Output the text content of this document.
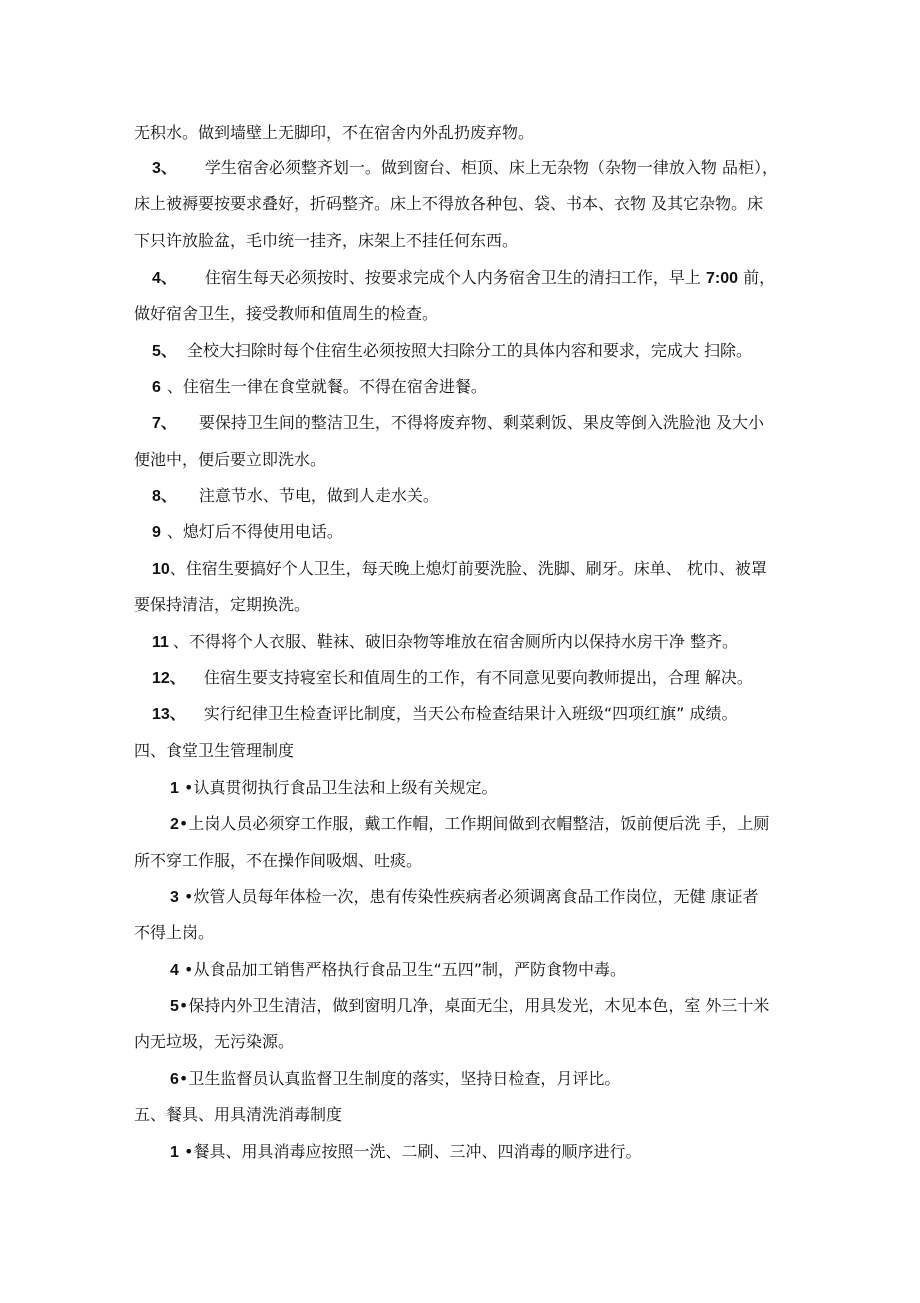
无积水。做到墙壁上无脚印，不在宿舍内外乱扔废弃物。
3、 学生宿舍必须整齐划一。做到窗台、柜顶、床上无杂物（杂物一律放入物 品柜），
床上被褥要按要求叠好，折码整齐。床上不得放各种包、袋、书本、衣物 及其它杂物。床
下只许放脸盆，毛巾统一挂齐，床架上不挂任何东西。
4、 住宿生每天必须按时、按要求完成个人内务宿舍卫生的清扫工作，早上 7:00 前，
做好宿舍卫生，接受教师和值周生的检查。
5、 全校大扫除时每个住宿生必须按照大扫除分工的具体内容和要求，完成大 扫除。
6 、住宿生一律在食堂就餐。不得在宿舍进餐。
7、 要保持卫生间的整洁卫生，不得将废弃物、剩菜剩饭、果皮等倒入洗脸池 及大小
便池中，便后要立即洗水。
8、 注意节水、节电，做到人走水关。
9 、熄灯后不得使用电话。
10、住宿生要搞好个人卫生，每天晚上熄灯前要洗脸、洗脚、刷牙。床单、 枕巾、被罩
要保持清洁，定期换洗。
11 、不得将个人衣服、鞋袜、破旧杂物等堆放在宿舍厕所内以保持水房干净 整齐。
12、 住宿生要支持寝室长和值周生的工作，有不同意见要向教师提出，合理 解决。
13、 实行纪律卫生检查评比制度，当天公布检查结果计入班级“四项红旗” 成绩。
四、食堂卫生管理制度
1 •认真贯彻执行食品卫生法和上级有关规定。
2•上岗人员必须穿工作服，戴工作帽，工作期间做到衣帽整洁，饭前便后洗 手，上厕
所不穿工作服，不在操作间吸烟、吐痰。
3 •炊管人员每年体检一次，患有传染性疾病者必须调离食品工作岗位，无健 康证者
不得上岗。
4 •从食品加工销售严格执行食品卫生“五四”制，严防食物中毒。
5•保持内外卫生清洁，做到窗明几净，桌面无尘，用具发光，木见本色，室 外三十米
内无垃圾，无污染源。
6•卫生监督员认真监督卫生制度的落实，坚持日检查，月评比。
五、餐具、用具清洗消毒制度
1 •餐具、用具消毒应按照一洗、二刷、三冲、四消毒的顺序进行。
